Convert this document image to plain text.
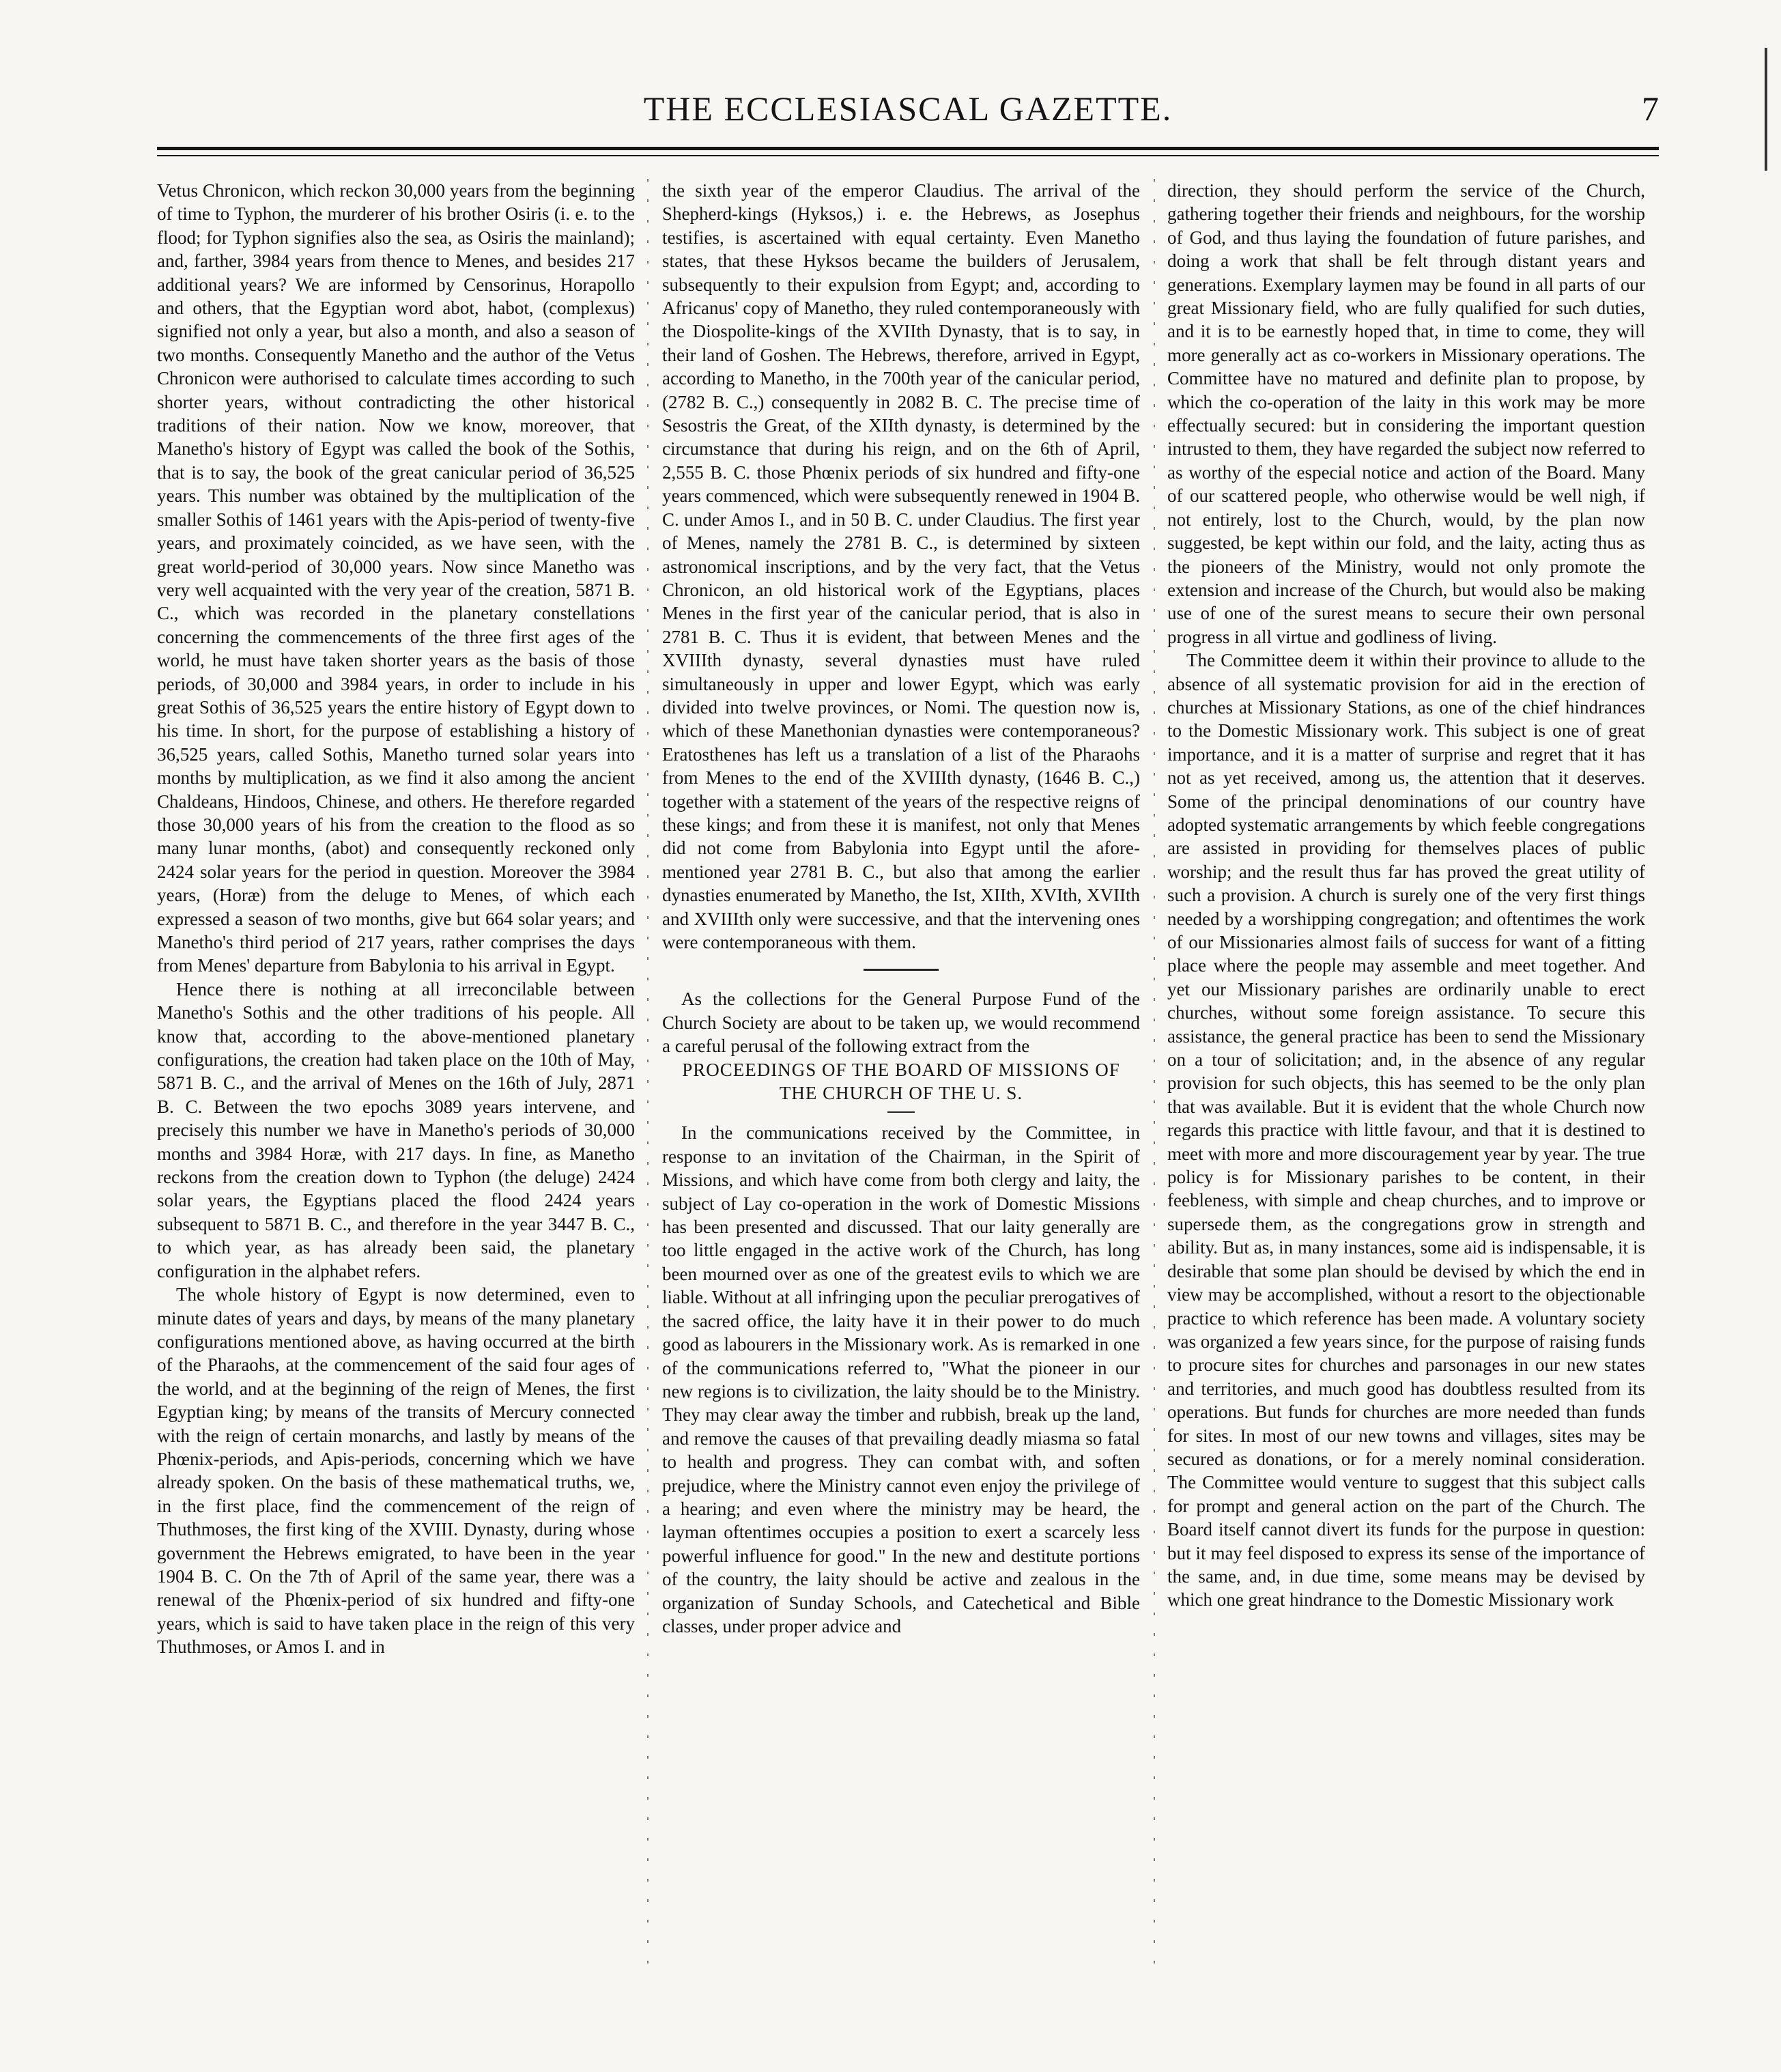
THE ECCLESIASCAL GAZETTE.	7

Vetus Chronicon, which reckon 30,000 years from the beginning of time to Typhon, the murderer of his brother Osiris (i. e. to the flood; for Typhon signifies also the sea, as Osiris the mainland); and, farther, 3984 years from thence to Menes, and besides 217 additional years? We are informed by Censorinus, Horapollo and others, that the Egyptian word abot, habot, (complexus) signified not only a year, but also a month, and also a season of two months. Consequently Manetho and the author of the Vetus Chronicon were authorised to calculate times according to such shorter years, without contradicting the other historical traditions of their nation. Now we know, moreover, that Manetho's history of Egypt was called the book of the Sothis, that is to say, the book of the great canicular period of 36,525 years. This number was obtained by the multiplication of the smaller Sothis of 1461 years with the Apis-period of twenty-five years, and proximately coincided, as we have seen, with the great world-period of 30,000 years. Now since Manetho was very well acquainted with the very year of the creation, 5871 B. C., which was recorded in the planetary constellations concerning the commencements of the three first ages of the world, he must have taken shorter years as the basis of those periods, of 30,000 and 3984 years, in order to include in his great Sothis of 36,525 years the entire history of Egypt down to his time. In short, for the purpose of establishing a history of 36,525 years, called Sothis, Manetho turned solar years into months by multiplication, as we find it also among the ancient Chaldeans, Hindoos, Chinese, and others. He therefore regarded those 30,000 years of his from the creation to the flood as so many lunar months, (abot) and consequently reckoned only 2424 solar years for the period in question. Moreover the 3984 years, (Horæ) from the deluge to Menes, of which each expressed a season of two months, give but 664 solar years; and Manetho's third period of 217 years, rather comprises the days from Menes' departure from Babylonia to his arrival in Egypt.

Hence there is nothing at all irreconcilable between Manetho's Sothis and the other traditions of his people. All know that, according to the above-mentioned planetary configurations, the creation had taken place on the 10th of May, 5871 B. C., and the arrival of Menes on the 16th of July, 2871 B. C. Between the two epochs 3089 years intervene, and precisely this number we have in Manetho's periods of 30,000 months and 3984 Horæ, with 217 days. In fine, as Manetho reckons from the creation down to Typhon (the deluge) 2424 solar years, the Egyptians placed the flood 2424 years subsequent to 5871 B. C., and therefore in the year 3447 B. C., to which year, as has already been said, the planetary configuration in the alphabet refers.

The whole history of Egypt is now determined, even to minute dates of years and days, by means of the many planetary configurations mentioned above, as having occurred at the birth of the Pharaohs, at the commencement of the said four ages of the world, and at the beginning of the reign of Menes, the first Egyptian king; by means of the transits of Mercury connected with the reign of certain monarchs, and lastly by means of the Phœnix-periods, and Apis-periods, concerning which we have already spoken. On the basis of these mathematical truths, we, in the first place, find the commencement of the reign of Thuthmoses, the first king of the XVIII. Dynasty, during whose government the Hebrews emigrated, to have been in the year 1904 B. C. On the 7th of April of the same year, there was a renewal of the Phœnix-period of six hundred and fifty-one years, which is said to have taken place in the reign of this very Thuthmoses, or Amos I. and in

the sixth year of the emperor Claudius. The arrival of the Shepherd-kings (Hyksos,) i. e. the Hebrews, as Josephus testifies, is ascertained with equal certainty. Even Manetho states, that these Hyksos became the builders of Jerusalem, subsequently to their expulsion from Egypt; and, according to Africanus' copy of Manetho, they ruled contemporaneously with the Diospolite-kings of the XVIIth Dynasty, that is to say, in their land of Goshen. The Hebrews, therefore, arrived in Egypt, according to Manetho, in the 700th year of the canicular period, (2782 B. C.,) consequently in 2082 B. C. The precise time of Sesostris the Great, of the XIIth dynasty, is determined by the circumstance that during his reign, and on the 6th of April, 2,555 B. C. those Phœnix periods of six hundred and fifty-one years commenced, which were subsequently renewed in 1904 B. C. under Amos I., and in 50 B. C. under Claudius. The first year of Menes, namely the 2781 B. C., is determined by sixteen astronomical inscriptions, and by the very fact, that the Vetus Chronicon, an old historical work of the Egyptians, places Menes in the first year of the canicular period, that is also in 2781 B. C. Thus it is evident, that between Menes and the XVIIIth dynasty, several dynasties must have ruled simultaneously in upper and lower Egypt, which was early divided into twelve provinces, or Nomi. The question now is, which of these Manethonian dynasties were contemporaneous? Eratosthenes has left us a translation of a list of the Pharaohs from Menes to the end of the XVIIIth dynasty, (1646 B. C.,) together with a statement of the years of the respective reigns of these kings; and from these it is manifest, not only that Menes did not come from Babylonia into Egypt until the afore-mentioned year 2781 B. C., but also that among the earlier dynasties enumerated by Manetho, the Ist, XIIth, XVIth, XVIIth and XVIIIth only were successive, and that the intervening ones were contemporaneous with them.

As the collections for the General Purpose Fund of the Church Society are about to be taken up, we would recommend a careful perusal of the following extract from the

PROCEEDINGS OF THE BOARD OF MISSIONS OF THE CHURCH OF THE U. S.

In the communications received by the Committee, in response to an invitation of the Chairman, in the Spirit of Missions, and which have come from both clergy and laity, the subject of Lay co-operation in the work of Domestic Missions has been presented and discussed. That our laity generally are too little engaged in the active work of the Church, has long been mourned over as one of the greatest evils to which we are liable. Without at all infringing upon the peculiar prerogatives of the sacred office, the laity have it in their power to do much good as labourers in the Missionary work. As is remarked in one of the communications referred to, "What the pioneer in our new regions is to civilization, the laity should be to the Ministry. They may clear away the timber and rubbish, break up the land, and remove the causes of that prevailing deadly miasma so fatal to health and progress. They can combat with, and soften prejudice, where the Ministry cannot even enjoy the privilege of a hearing; and even where the ministry may be heard, the layman oftentimes occupies a position to exert a scarcely less powerful influence for good." In the new and destitute portions of the country, the laity should be active and zealous in the organization of Sunday Schools, and Catechetical and Bible classes, under proper advice and

direction, they should perform the service of the Church, gathering together their friends and neighbours, for the worship of God, and thus laying the foundation of future parishes, and doing a work that shall be felt through distant years and generations. Exemplary laymen may be found in all parts of our great Missionary field, who are fully qualified for such duties, and it is to be earnestly hoped that, in time to come, they will more generally act as co-workers in Missionary operations. The Committee have no matured and definite plan to propose, by which the co-operation of the laity in this work may be more effectually secured: but in considering the important question intrusted to them, they have regarded the subject now referred to as worthy of the especial notice and action of the Board. Many of our scattered people, who otherwise would be well nigh, if not entirely, lost to the Church, would, by the plan now suggested, be kept within our fold, and the laity, acting thus as the pioneers of the Ministry, would not only promote the extension and increase of the Church, but would also be making use of one of the surest means to secure their own personal progress in all virtue and godliness of living.

The Committee deem it within their province to allude to the absence of all systematic provision for aid in the erection of churches at Missionary Stations, as one of the chief hindrances to the Domestic Missionary work. This subject is one of great importance, and it is a matter of surprise and regret that it has not as yet received, among us, the attention that it deserves. Some of the principal denominations of our country have adopted systematic arrangements by which feeble congregations are assisted in providing for themselves places of public worship; and the result thus far has proved the great utility of such a provision. A church is surely one of the very first things needed by a worshipping congregation; and oftentimes the work of our Missionaries almost fails of success for want of a fitting place where the people may assemble and meet together. And yet our Missionary parishes are ordinarily unable to erect churches, without some foreign assistance. To secure this assistance, the general practice has been to send the Missionary on a tour of solicitation; and, in the absence of any regular provision for such objects, this has seemed to be the only plan that was available. But it is evident that the whole Church now regards this practice with little favour, and that it is destined to meet with more and more discouragement year by year. The true policy is for Missionary parishes to be content, in their feebleness, with simple and cheap churches, and to improve or supersede them, as the congregations grow in strength and ability. But as, in many instances, some aid is indispensable, it is desirable that some plan should be devised by which the end in view may be accomplished, without a resort to the objectionable practice to which reference has been made. A voluntary society was organized a few years since, for the purpose of raising funds to procure sites for churches and parsonages in our new states and territories, and much good has doubtless resulted from its operations. But funds for churches are more needed than funds for sites. In most of our new towns and villages, sites may be secured as donations, or for a merely nominal consideration. The Committee would venture to suggest that this subject calls for prompt and general action on the part of the Church. The Board itself cannot divert its funds for the purpose in question: but it may feel disposed to express its sense of the importance of the same, and, in due time, some means may be devised by which one great hindrance to the Domestic Missionary work
